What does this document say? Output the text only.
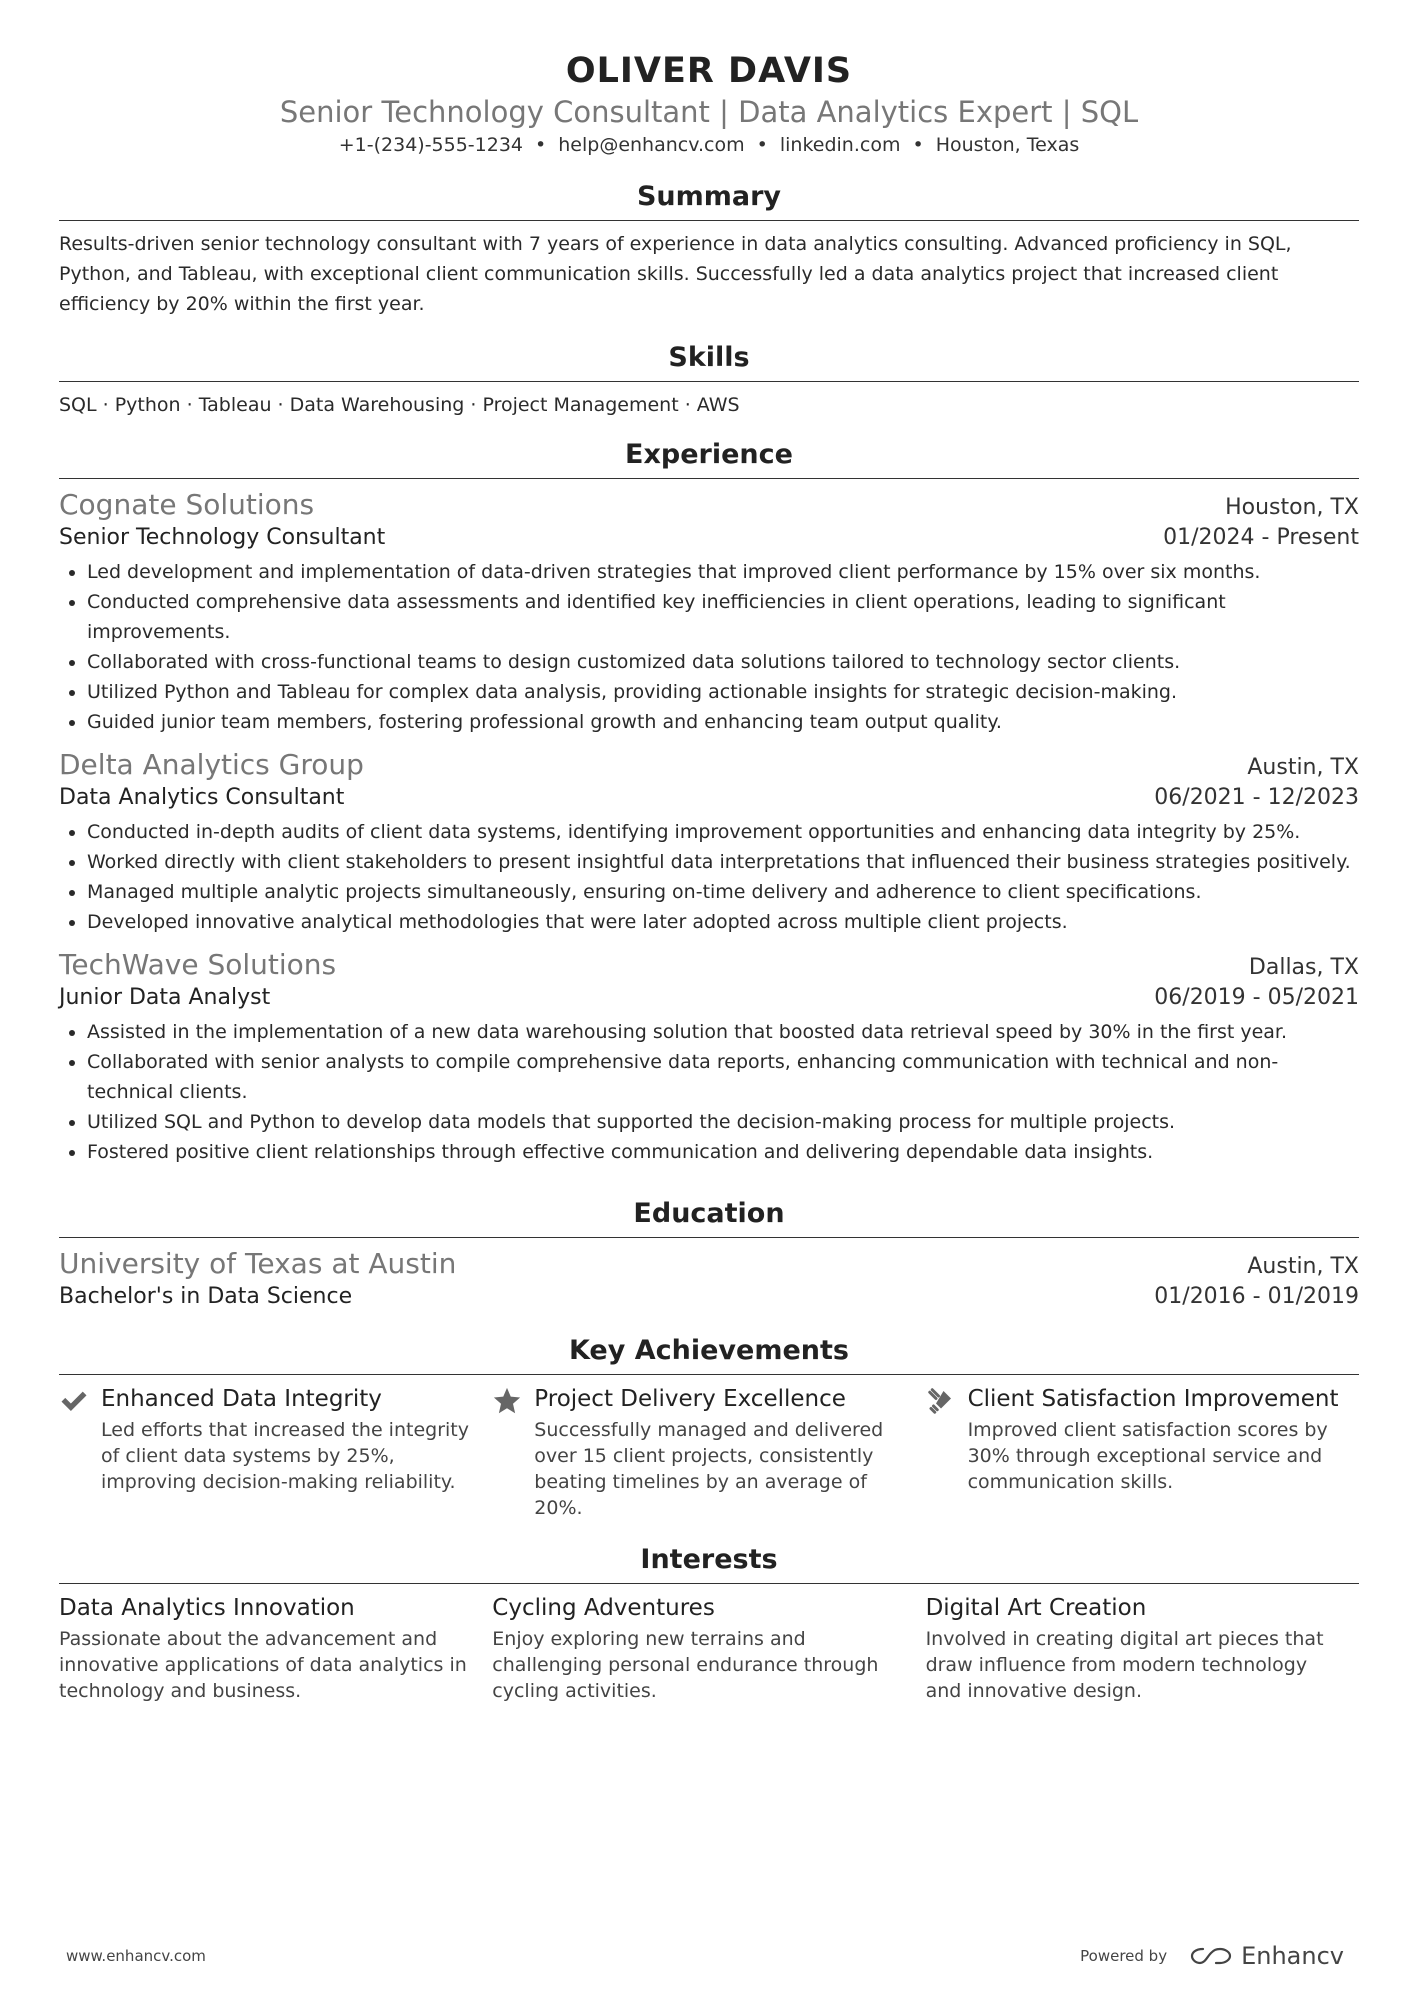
OLIVER DAVIS
Senior Technology Consultant | Data Analytics Expert | SQL
+1-(234)-555-1234 • help@enhancv.com • linkedin.com • Houston, Texas
Summary
Results-driven senior technology consultant with 7 years of experience in data analytics consulting. Advanced proficiency in SQL, Python, and Tableau, with exceptional client communication skills. Successfully led a data analytics project that increased client efficiency by 20% within the first year.
Skills
SQL · Python · Tableau · Data Warehousing · Project Management · AWS
Experience
Cognate Solutions	Houston, TX
Senior Technology Consultant	01/2024 - Present
• Led development and implementation of data-driven strategies that improved client performance by 15% over six months.
• Conducted comprehensive data assessments and identified key inefficiencies in client operations, leading to significant improvements.
• Collaborated with cross-functional teams to design customized data solutions tailored to technology sector clients.
• Utilized Python and Tableau for complex data analysis, providing actionable insights for strategic decision-making.
• Guided junior team members, fostering professional growth and enhancing team output quality.
Delta Analytics Group	Austin, TX
Data Analytics Consultant	06/2021 - 12/2023
• Conducted in-depth audits of client data systems, identifying improvement opportunities and enhancing data integrity by 25%.
• Worked directly with client stakeholders to present insightful data interpretations that influenced their business strategies positively.
• Managed multiple analytic projects simultaneously, ensuring on-time delivery and adherence to client specifications.
• Developed innovative analytical methodologies that were later adopted across multiple client projects.
TechWave Solutions	Dallas, TX
Junior Data Analyst	06/2019 - 05/2021
• Assisted in the implementation of a new data warehousing solution that boosted data retrieval speed by 30% in the first year.
• Collaborated with senior analysts to compile comprehensive data reports, enhancing communication with technical and non-technical clients.
• Utilized SQL and Python to develop data models that supported the decision-making process for multiple projects.
• Fostered positive client relationships through effective communication and delivering dependable data insights.
Education
University of Texas at Austin	Austin, TX
Bachelor's in Data Science	01/2016 - 01/2019
Key Achievements
Enhanced Data Integrity
Led efforts that increased the integrity of client data systems by 25%, improving decision-making reliability.
Project Delivery Excellence
Successfully managed and delivered over 15 client projects, consistently beating timelines by an average of 20%.
Client Satisfaction Improvement
Improved client satisfaction scores by 30% through exceptional service and communication skills.
Interests
Data Analytics Innovation
Passionate about the advancement and innovative applications of data analytics in technology and business.
Cycling Adventures
Enjoy exploring new terrains and challenging personal endurance through cycling activities.
Digital Art Creation
Involved in creating digital art pieces that draw influence from modern technology and innovative design.
www.enhancv.com	Powered by	Enhancv
